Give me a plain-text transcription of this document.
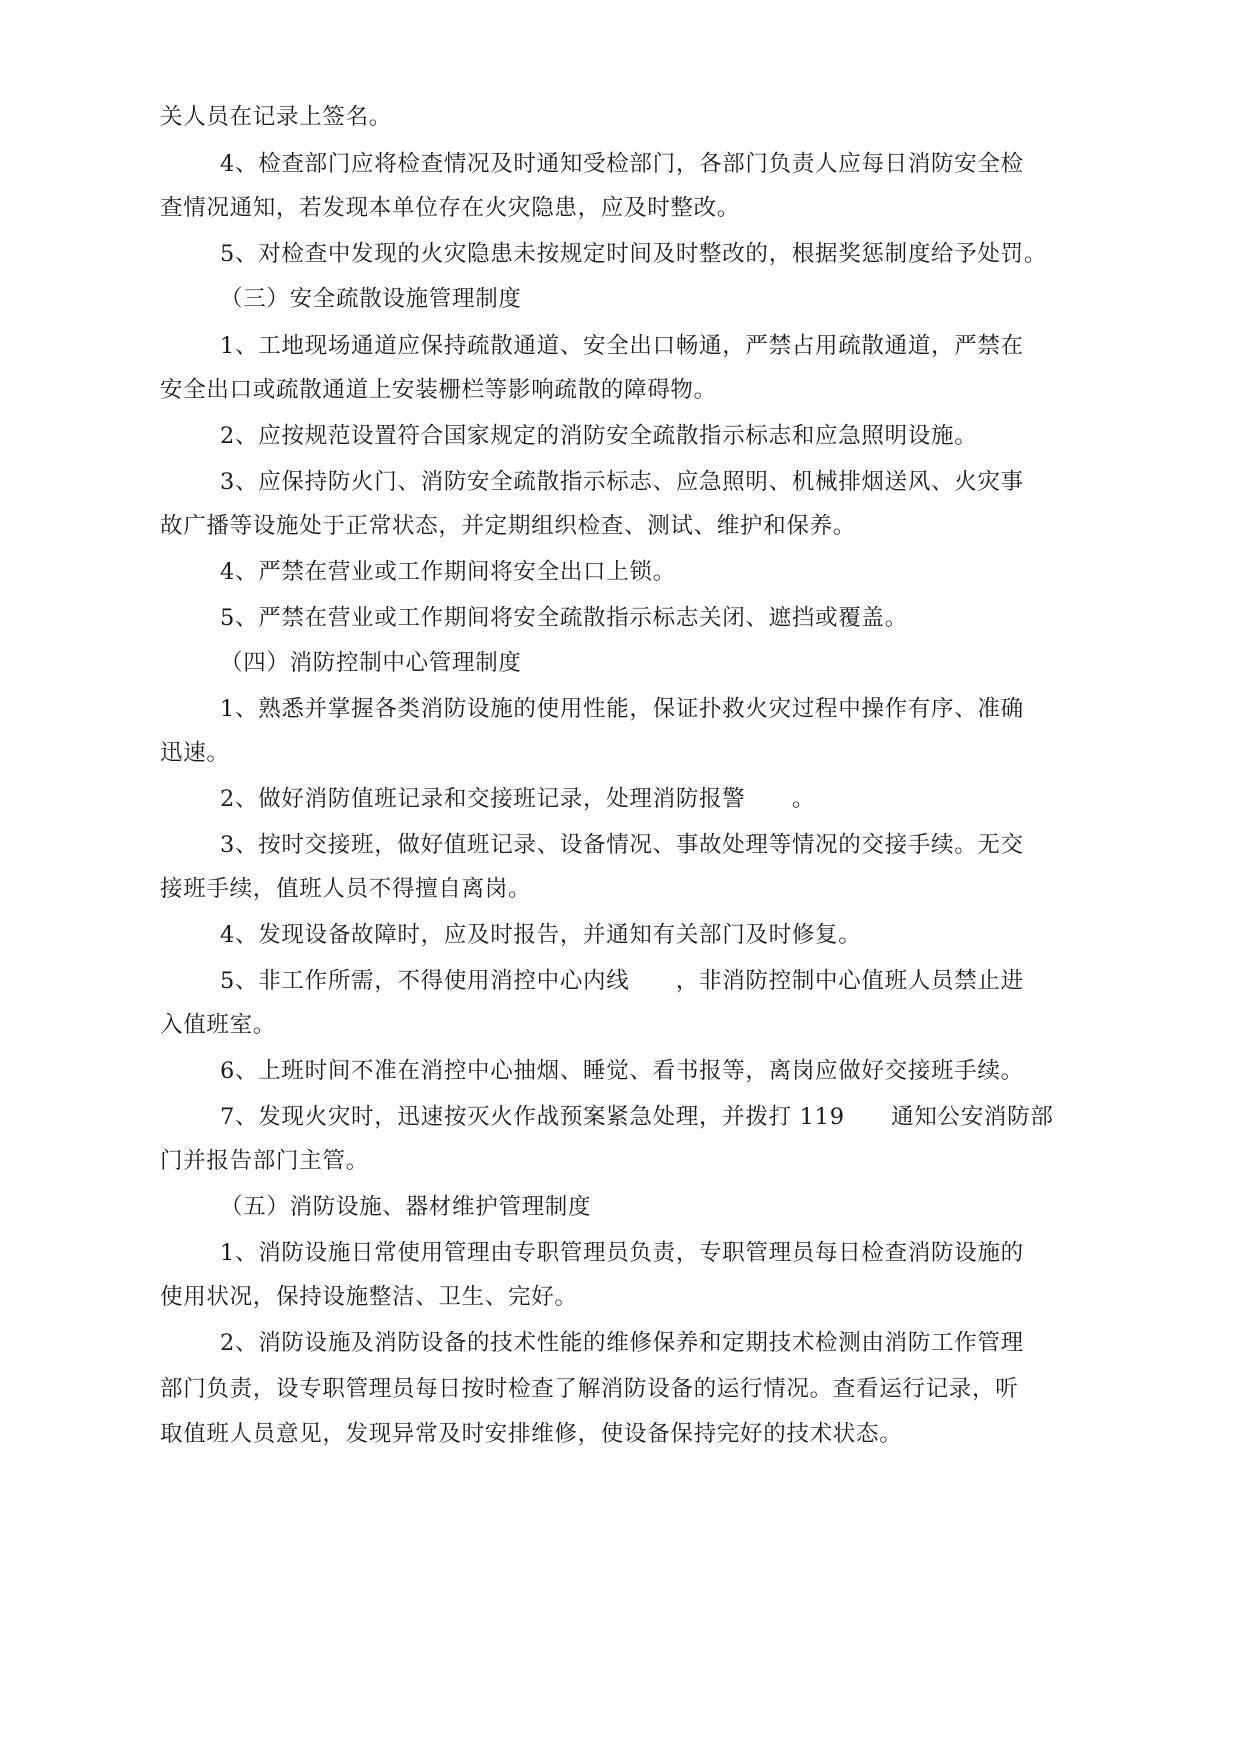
关人员在记录上签名。
4、检查部门应将检查情况及时通知受检部门，各部门负责人应每日消防安全检
查情况通知，若发现本单位存在火灾隐患，应及时整改。
5、对检查中发现的火灾隐患未按规定时间及时整改的，根据奖惩制度给予处罚。
（三）安全疏散设施管理制度
1、工地现场通道应保持疏散通道、安全出口畅通，严禁占用疏散通道，严禁在
安全出口或疏散通道上安装栅栏等影响疏散的障碍物。
2、应按规范设置符合国家规定的消防安全疏散指示标志和应急照明设施。
3、应保持防火门、消防安全疏散指示标志、应急照明、机械排烟送风、火灾事
故广播等设施处于正常状态，并定期组织检查、测试、维护和保养。
4、严禁在营业或工作期间将安全出口上锁。
5、严禁在营业或工作期间将安全疏散指示标志关闭、遮挡或覆盖。
（四）消防控制中心管理制度
1、熟悉并掌握各类消防设施的使用性能，保证扑救火灾过程中操作有序、准确
迅速。
2、做好消防值班记录和交接班记录，处理消防报警　　。
3、按时交接班，做好值班记录、设备情况、事故处理等情况的交接手续。无交
接班手续，值班人员不得擅自离岗。
4、发现设备故障时，应及时报告，并通知有关部门及时修复。
5、非工作所需，不得使用消控中心内线　　，非消防控制中心值班人员禁止进
入值班室。
6、上班时间不准在消控中心抽烟、睡觉、看书报等，离岗应做好交接班手续。
7、发现火灾时，迅速按灭火作战预案紧急处理，并拨打 119　　通知公安消防部
门并报告部门主管。
（五）消防设施、器材维护管理制度
1、消防设施日常使用管理由专职管理员负责，专职管理员每日检查消防设施的
使用状况，保持设施整洁、卫生、完好。
2、消防设施及消防设备的技术性能的维修保养和定期技术检测由消防工作管理
部门负责，设专职管理员每日按时检查了解消防设备的运行情况。查看运行记录，听
取值班人员意见，发现异常及时安排维修，使设备保持完好的技术状态。
